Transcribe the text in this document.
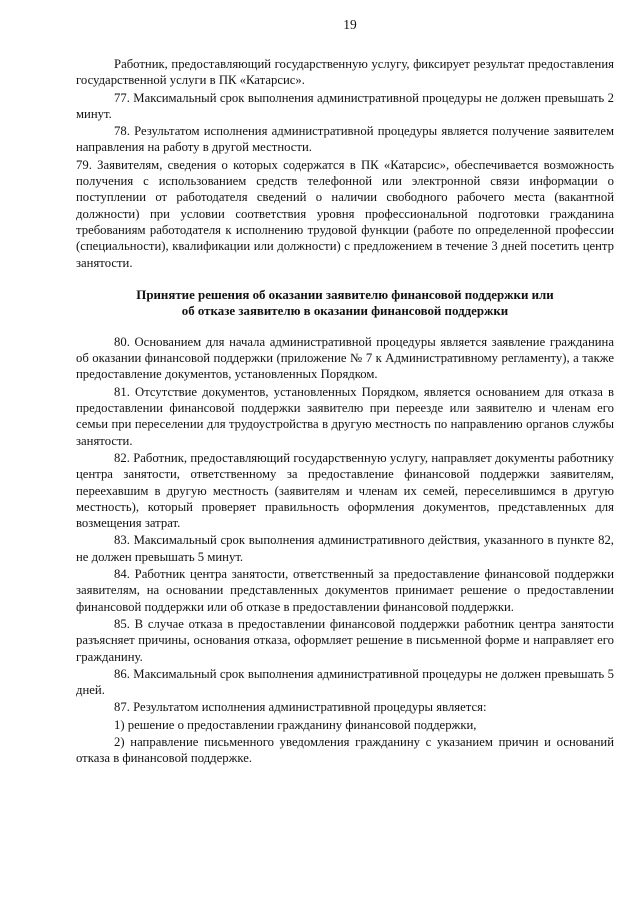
19

Работник, предоставляющий государственную услугу, фиксирует результат предоставления государственной услуги в ПК «Катарсис».

77. Максимальный срок выполнения административной процедуры не должен превышать 2 минут.

78. Результатом исполнения административной процедуры является получение заявителем направления на работу в другой местности.

79. Заявителям, сведения о которых содержатся в ПК «Катарсис», обеспечивается возможность получения с использованием средств телефонной или электронной связи информации о поступлении от работодателя сведений о наличии свободного рабочего места (вакантной должности) при условии соответствия уровня профессиональной подготовки гражданина требованиям работодателя к исполнению трудовой функции (работе по определенной профессии (специальности), квалификации или должности) с предложением в течение 3 дней посетить центр занятости.

Принятие решения об оказании заявителю финансовой поддержки или
об отказе заявителю в оказании финансовой поддержки

80. Основанием для начала административной процедуры является заявление гражданина об оказании финансовой поддержки (приложение № 7 к Административному регламенту), а также предоставление документов, установленных Порядком.

81. Отсутствие документов, установленных Порядком, является основанием для отказа в предоставлении финансовой поддержки заявителю при переезде или заявителю и членам его семьи при переселении для трудоустройства в другую местность по направлению органов службы занятости.

82. Работник, предоставляющий государственную услугу, направляет документы работнику центра занятости, ответственному за предоставление финансовой поддержки заявителям, переехавшим в другую местность (заявителям и членам их семей, переселившимся в другую местность), который проверяет правильность оформления документов, представленных для возмещения затрат.

83. Максимальный срок выполнения административного действия, указанного в пункте 82, не должен превышать 5 минут.

84. Работник центра занятости, ответственный за предоставление финансовой поддержки заявителям, на основании представленных документов принимает решение о предоставлении финансовой поддержки или об отказе в предоставлении финансовой поддержки.

85. В случае отказа в предоставлении финансовой поддержки работник центра занятости разъясняет причины, основания отказа, оформляет решение в письменной форме и направляет его гражданину.

86. Максимальный срок выполнения административной процедуры не должен превышать 5 дней.

87. Результатом исполнения административной процедуры является:

1) решение о предоставлении гражданину финансовой поддержки,

2) направление письменного уведомления гражданину с указанием причин и оснований отказа в финансовой поддержке.
